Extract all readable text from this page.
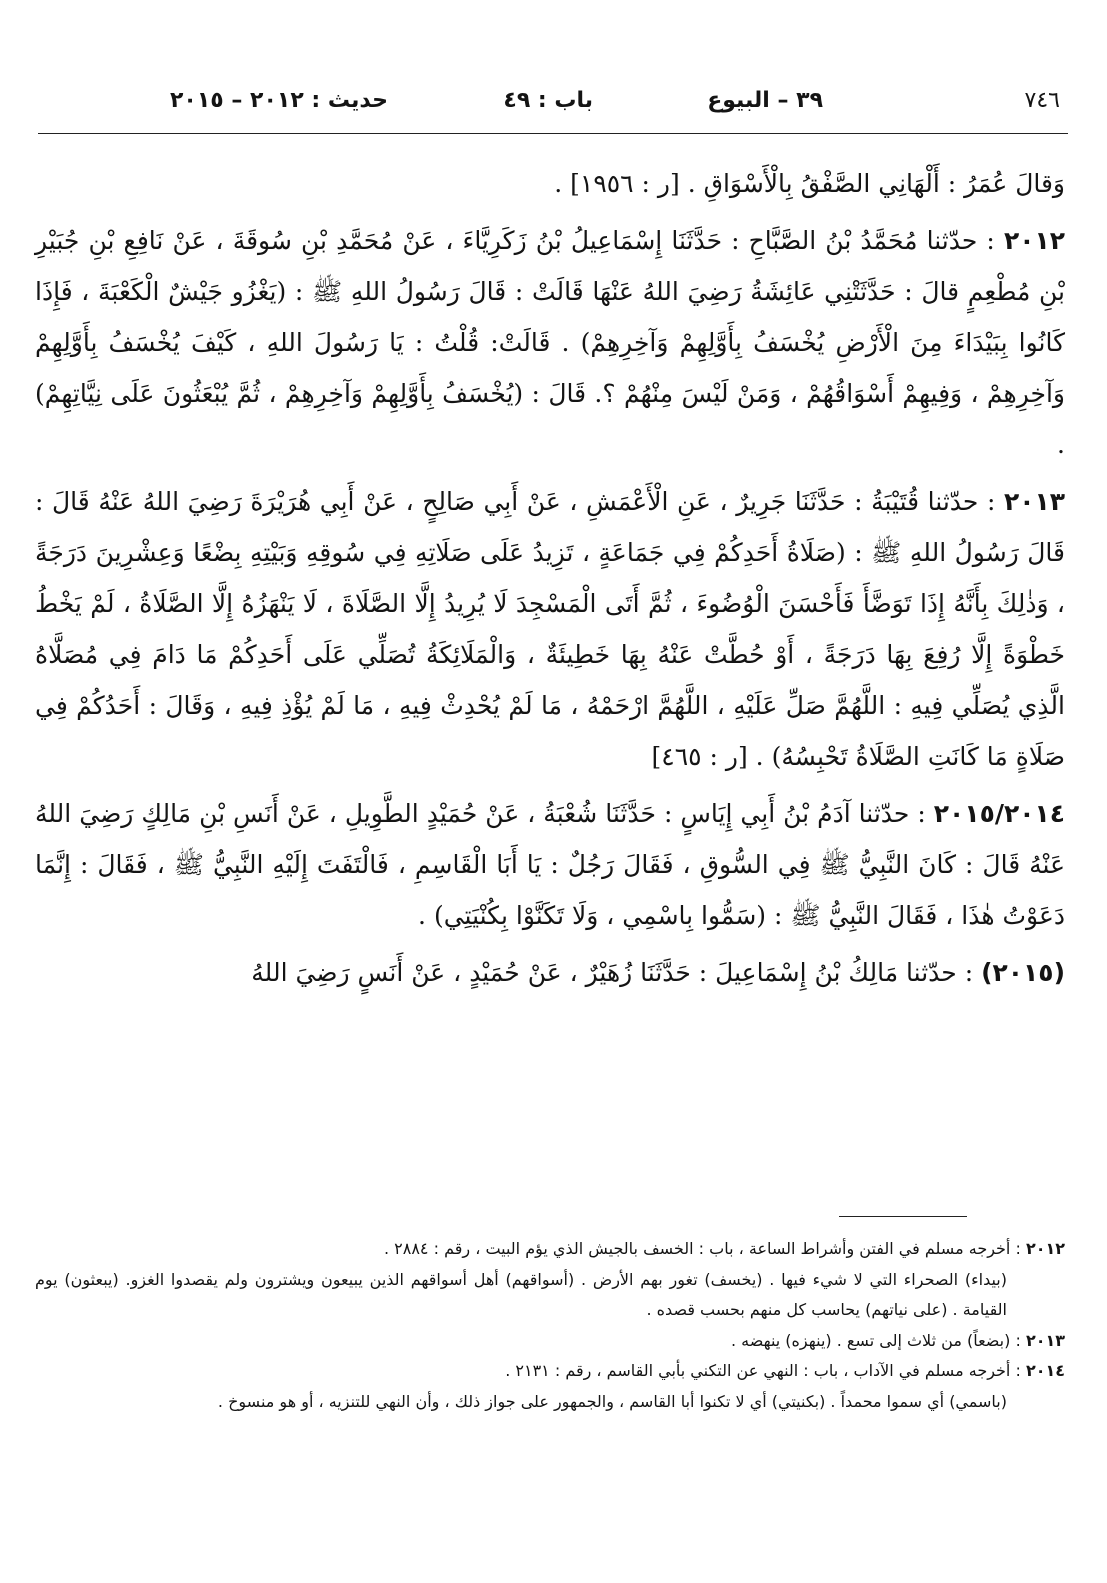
٧٤٦
٣٩ – البيوع
باب : ٤٩
حديث : ٢٠١٢ – ٢٠١٥

وَقالَ عُمَرُ : أَلْهَانِي الصَّفْقُ بِالْأَسْوَاقِ . [ر : ١٩٥٦] .

٢٠١٢ : حدّثنا مُحَمَّدُ بْنُ الصَّبَّاحِ : حَدَّثَنَا إِسْمَاعِيلُ بْنُ زَكَرِيَّاءَ ، عَنْ مُحَمَّدِ بْنِ سُوقَةَ ، عَنْ نَافِعِ بْنِ جُبَيْرِ بْنِ مُطْعِمٍ قالَ : حَدَّثَتْنِي عَائِشَةُ رَضِيَ اللهُ عَنْهَا قَالَتْ : قَالَ رَسُولُ اللهِ ﷺ : (يَغْزُو جَيْشٌ الْكَعْبَةَ ، فَإِذَا كَانُوا بِبَيْدَاءَ مِنَ الْأَرْضِ يُخْسَفُ بِأَوَّلِهِمْ وَآخِرِهِمْ) . قَالَتْ: قُلْتُ : يَا رَسُولَ اللهِ ، كَيْفَ يُخْسَفُ بِأَوَّلِهِمْ وَآخِرِهِمْ ، وَفِيهِمْ أَسْوَاقُهُمْ ، وَمَنْ لَيْسَ مِنْهُمْ ؟. قَالَ : (يُخْسَفُ بِأَوَّلِهِمْ وَآخِرِهِمْ ، ثُمَّ يُبْعَثُونَ عَلَى نِيَّاتِهِمْ) .

٢٠١٣ : حدّثنا قُتَيْبَةُ : حَدَّثَنَا جَرِيرٌ ، عَنِ الْأَعْمَشِ ، عَنْ أَبِي صَالِحٍ ، عَنْ أَبِي هُرَيْرَةَ رَضِيَ اللهُ عَنْهُ قَالَ : قَالَ رَسُولُ اللهِ ﷺ : (صَلَاةُ أَحَدِكُمْ فِي جَمَاعَةٍ ، تَزِيدُ عَلَى صَلَاتِهِ فِي سُوقِهِ وَبَيْتِهِ بِضْعًا وَعِشْرِينَ دَرَجَةً ، وَذٰلِكَ بِأَنَّهُ إِذَا تَوَضَّأَ فَأَحْسَنَ الْوُضُوءَ ، ثُمَّ أَتَى الْمَسْجِدَ لَا يُرِيدُ إِلَّا الصَّلَاةَ ، لَا يَنْهَزُهُ إِلَّا الصَّلَاةُ ، لَمْ يَخْطُ خَطْوَةً إِلَّا رُفِعَ بِهَا دَرَجَةً ، أَوْ حُطَّتْ عَنْهُ بِهَا خَطِيئَةٌ ، وَالْمَلَائِكَةُ تُصَلِّي عَلَى أَحَدِكُمْ مَا دَامَ فِي مُصَلَّاهُ الَّذِي يُصَلِّي فِيهِ : اللَّهُمَّ صَلِّ عَلَيْهِ ، اللَّهُمَّ ارْحَمْهُ ، مَا لَمْ يُحْدِثْ فِيهِ ، مَا لَمْ يُؤْذِ فِيهِ ، وَقَالَ : أَحَدُكُمْ فِي صَلَاةٍ مَا كَانَتِ الصَّلَاةُ تَحْبِسُهُ) . [ر : ٤٦٥]

٢٠١٥/٢٠١٤ : حدّثنا آدَمُ بْنُ أَبِي إِيَاسٍ : حَدَّثَنَا شُعْبَةُ ، عَنْ حُمَيْدٍ الطَّوِيلِ ، عَنْ أَنَسِ بْنِ مَالِكٍ رَضِيَ اللهُ عَنْهُ قَالَ : كَانَ النَّبِيُّ ﷺ فِي السُّوقِ ، فَقَالَ رَجُلٌ : يَا أَبَا الْقَاسِمِ ، فَالْتَفَتَ إِلَيْهِ النَّبِيُّ ﷺ ، فَقَالَ : إِنَّمَا دَعَوْتُ هٰذَا ، فَقَالَ النَّبِيُّ ﷺ : (سَمُّوا بِاسْمِي ، وَلَا تَكَنَّوْا بِكُنْيَتِي) .

(٢٠١٥) : حدّثنا مَالِكُ بْنُ إِسْمَاعِيلَ : حَدَّثَنَا زُهَيْرٌ ، عَنْ حُمَيْدٍ ، عَنْ أَنَسٍ رَضِيَ اللهُ

٢٠١٢ : أخرجه مسلم في الفتن وأشراط الساعة ، باب : الخسف بالجيش الذي يؤم البيت ، رقم : ٢٨٨٤ .

(بيداء) الصحراء التي لا شيء فيها . (يخسف) تغور بهم الأرض . (أسواقهم) أهل أسواقهم الذين يبيعون ويشترون ولم يقصدوا الغزو. (يبعثون) يوم القيامة . (على نياتهم) يحاسب كل منهم بحسب قصده .

٢٠١٣ : (بضعاً) من ثلاث إلى تسع . (ينهزه) ينهضه .

٢٠١٤ : أخرجه مسلم في الآداب ، باب : النهي عن التكني بأبي القاسم ، رقم : ٢١٣١ .

(باسمي) أي سموا محمداً . (بكنيتي) أي لا تكنوا أبا القاسم ، والجمهور على جواز ذلك ، وأن النهي للتنزيه ، أو هو منسوخ .
